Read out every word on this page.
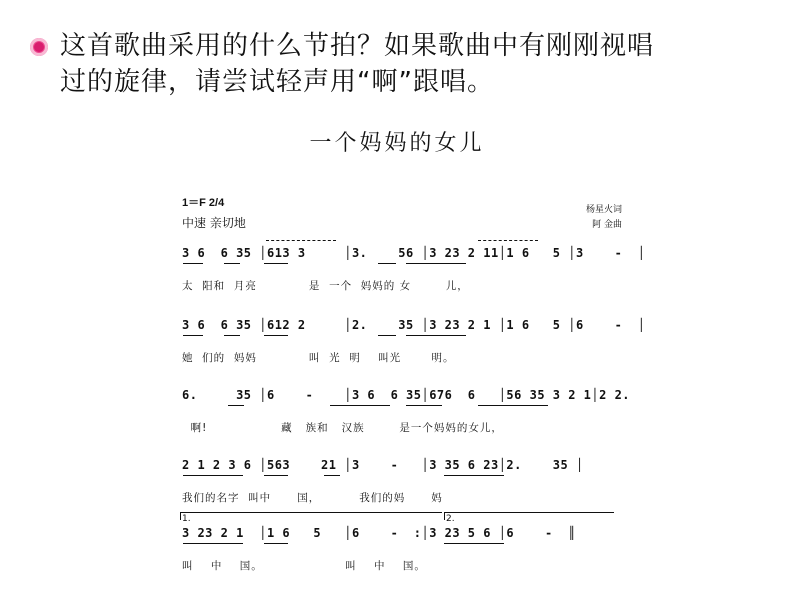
这首歌曲采用的什么节拍？如果歌曲中有刚刚视唱
过的旋律，请尝试轻声用“啊”跟唱。
一个妈妈的女儿
1＝F 2/4
中速 亲切地
杨星火词
阿 金曲
3 6  6 35 │613 3     │3.    56 │3 23 2 11│1 6   5 │3    -  │
太  阳和  月亮            是  一个  妈妈的 女        儿，
3 6  6 35 │612 2     │2.    35 │3 23 2 1 │1 6   5 │6    -  │
她  们的  妈妈            叫  光  明    叫光       明。
6.     35 │6    -    │3 6  6 35│676  6   │56 35 3 2 1│2 2.
啊!                 藏   族和   汉族        是一个妈妈的女儿，
2 1 2 3 6 │563    21 │3    -   │3 35 6 23│2.    35 │
我们的名字  叫中      国，         我们的妈      妈
1.	2.
3 23 2 1  │1 6   5   │6    -  :│3 23 5 6 │6    -  ║
叫    中    国。                   叫    中    国。
